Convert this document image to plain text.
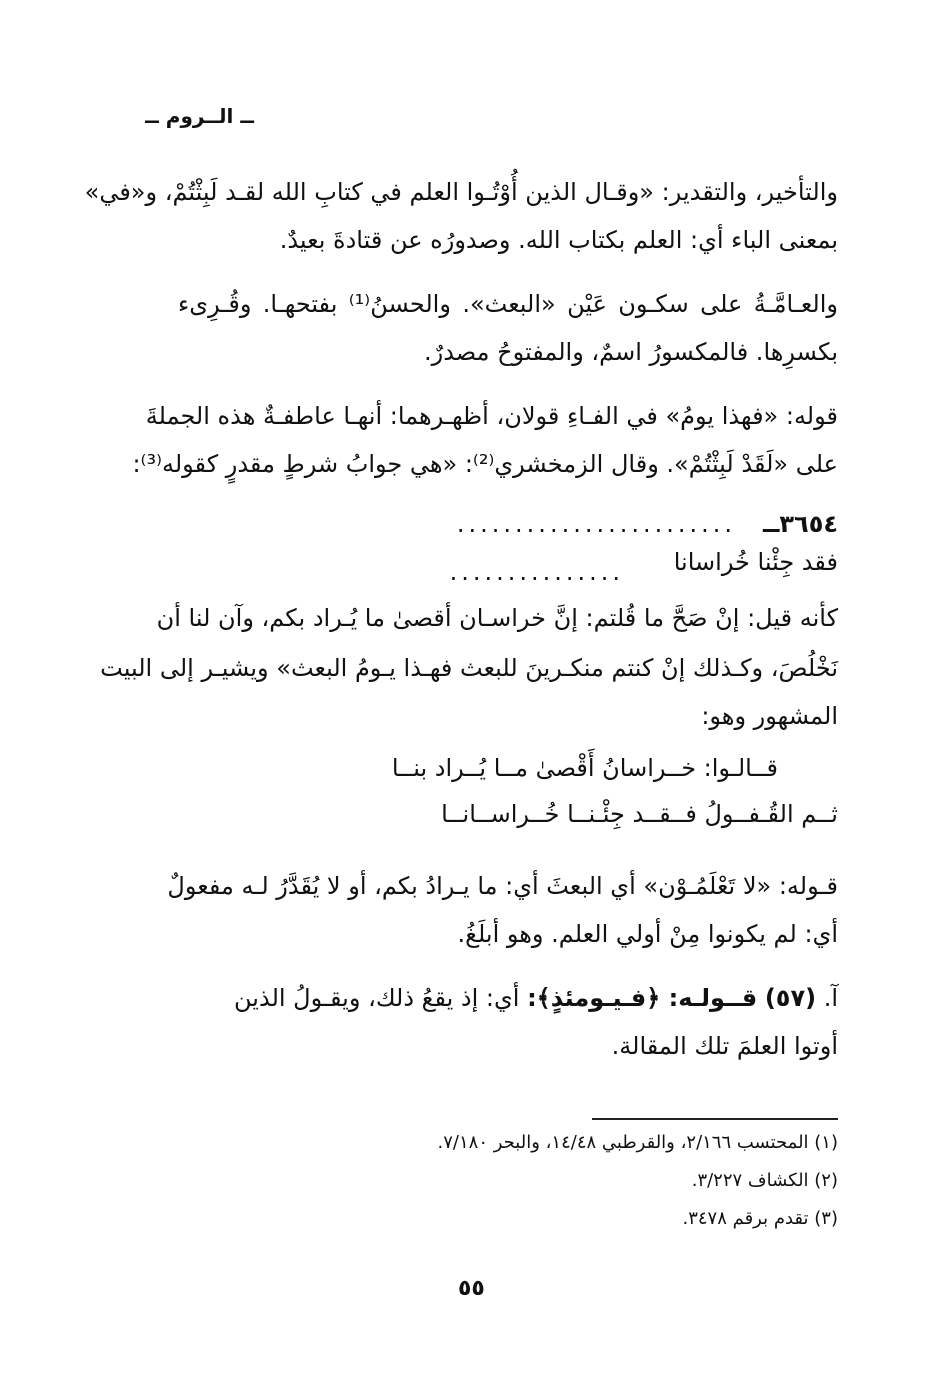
ــ الــروم ــ
والتأخير، والتقدير: «وقـال الذين أُوْتُـوا العلم في كتابِ الله لقـد لَبِثْتُمْ، و«في»
بمعنى الباء أي: العلم بكتاب الله. وصدورُه عن قتادةَ بعيدٌ.
والعـامَّـةُ على سكـون عَيْن «البعث». والحسنُ⁽¹⁾ بفتحهـا. وقُـرِىء
بكسرِها. فالمكسورُ اسمٌ، والمفتوحُ مصدرٌ.
قوله: «فهذا يومُ» في الفـاءِ قولان، أظهـرهما: أنهـا عاطفـةٌ هذه الجملةَ
على «لَقَدْ لَبِثْتُمْ». وقال الزمخشري⁽²⁾: «هي جوابُ شرطٍ مقدرٍ كقوله⁽³⁾:
٣٦٥٤ــ
........................
فقد جِئْنا خُراسانا
...............
كأنه قيل: إنْ صَحَّ ما قُلتم: إنَّ خراسـان أقصىٰ ما يُـراد بكم، وآن لنا أن
نَخْلُصَ، وكـذلك إنْ كنتم منكـرينَ للبعث فهـذا يـومُ البعث» ويشيـر إلى البيت
المشهور وهو:
قــالـوا: خــراسانُ أَقْصىٰ مــا يُــراد بنــا
ثــم القُـفــولُ فــقــد جِئْـنــا خُــراســانــا
قـوله: «لا تَعْلَمُـوْن» أي البعثَ أي: ما يـرادُ بكم، أو لا يُقَدَّرُ لـه مفعولٌ
أي: لم يكونوا مِنْ أولي العلم. وهو أبلَغُ.
آ. (٥٧) قــولـه: ﴿فـيـومئذٍ﴾: أي: إذ يقعُ ذلك، ويقـولُ الذين
أوتوا العلمَ تلك المقالة.
(١) المحتسب ٢/١٦٦، والقرطبي ١٤/٤٨، والبحر ٧/١٨٠.
(٢) الكشاف ٣/٢٢٧.
(٣) تقدم برقم ٣٤٧٨.
٥٥
